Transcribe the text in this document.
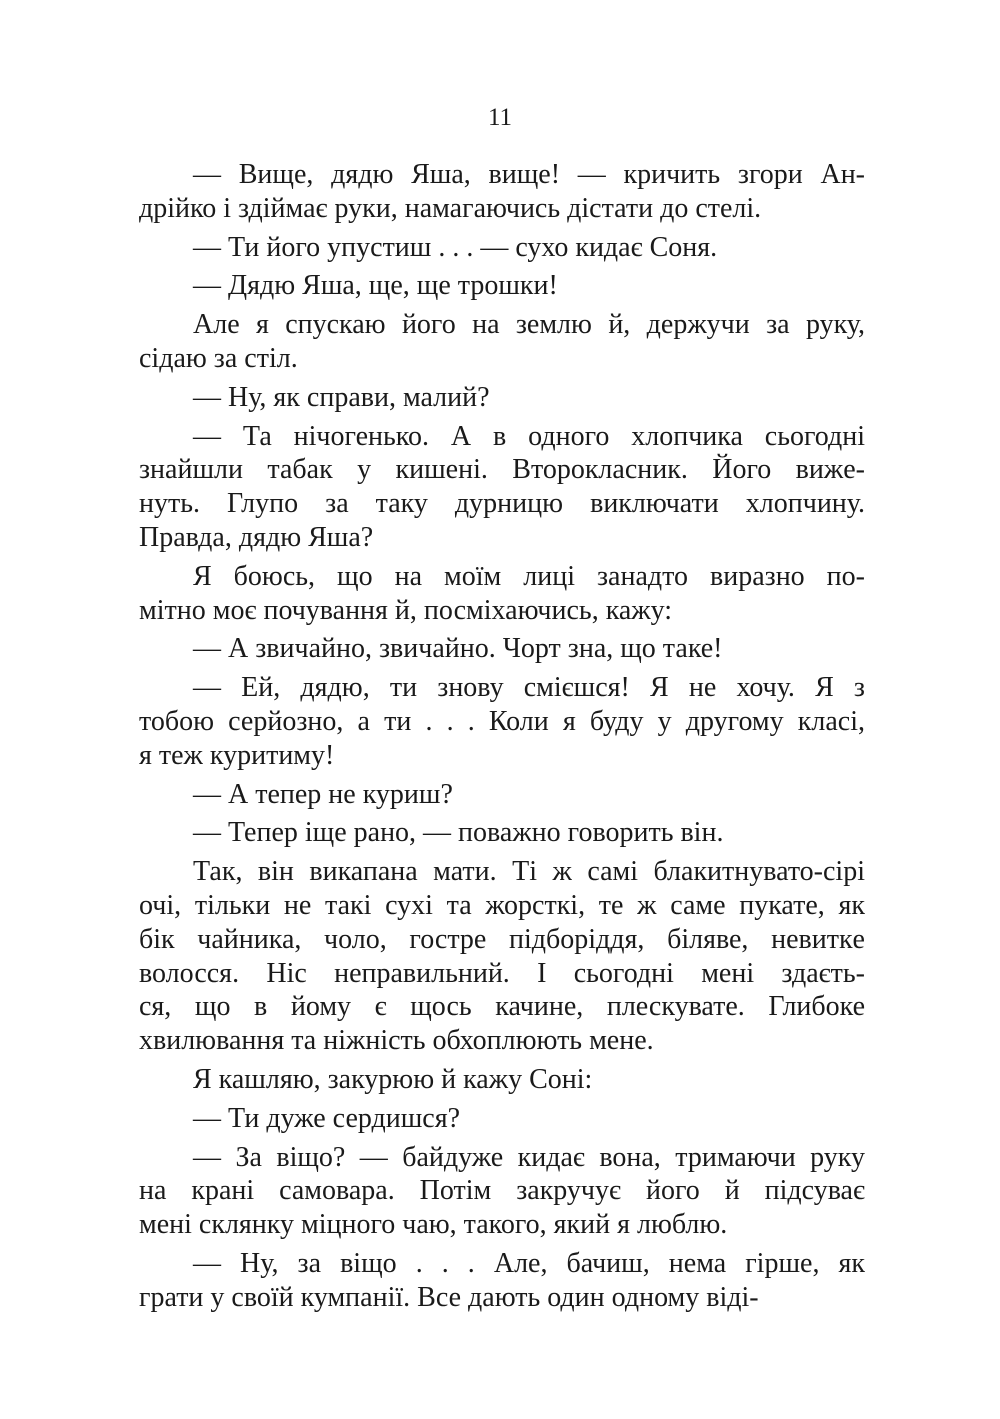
11

— Вище, дядю Яша, вище! — кричить згори Ан-
дрійко і здіймає руки, намагаючись дістати до стелі.

— Ти його упустиш . . . — сухо кидає Соня.

— Дядю Яша, ще, ще трошки!

Але я спускаю його на землю й, держучи за руку,
сідаю за стіл.

— Ну, як справи, малий?

— Та нічогенько. А в одного хлопчика сьогодні
знайшли табак у кишені. Второкласник. Його вижe-
нуть. Глупо за таку дурницю виключати хлопчину.
Правда, дядю Яша?

Я боюсь, що на моїм лиці занадто виразно по-
мітно моє почування й, посміхаючись, кажу:

— А звичайно, звичайно. Чорт зна, що таке!

— Ей, дядю, ти знову смієшся! Я не хочу. Я з
тобою серйозно, а ти . . . Коли я буду у другому класі,
я теж куритиму!

— А тепер не куриш?

— Тепер іще рано, — поважно говорить він.

Так, він викапана мати. Ті ж самі блакитнувато-сірі
очі, тільки не такі сухі та жорсткі, те ж саме пукате, як
бік чайника, чоло, гостре підборіддя, біляве, невиткe
волосся. Ніс неправильний. І сьогодні мені здаєть-
ся, що в йому є щось качине, плескувате. Глибоке
хвилювання та ніжність обхоплюють мене.

Я кашляю, закурюю й кажу Соні:

— Ти дуже сердишся?

— За віщо? — байдуже кидає вона, тримаючи руку
на крані самовара. Потім закручує його й підсуває
мені склянку міцного чаю, такого, який я люблю.

— Ну, за віщо . . . Але, бачиш, нема гірше, як
грати у своїй кумпанії. Все дають один одному віді-
